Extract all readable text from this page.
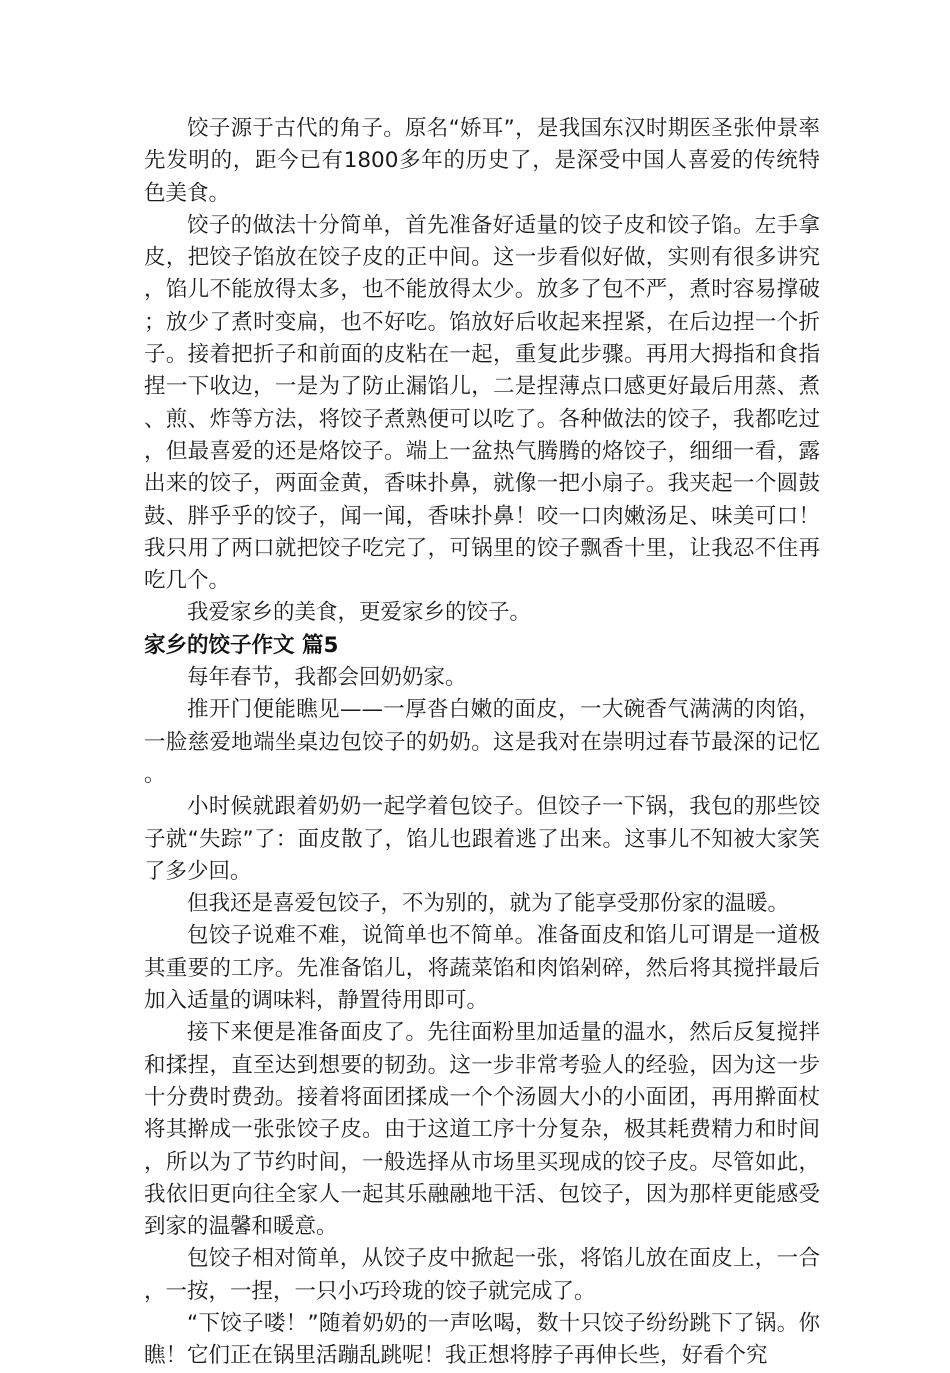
饺子源于古代的角子。原名“娇耳”，是我国东汉时期医圣张仲景率先发明的，距今已有1800多年的历史了，是深受中国人喜爱的传统特色美食。

饺子的做法十分简单，首先准备好适量的饺子皮和饺子馅。左手拿皮，把饺子馅放在饺子皮的正中间。这一步看似好做，实则有很多讲究，馅儿不能放得太多，也不能放得太少。放多了包不严，煮时容易撑破；放少了煮时变扁，也不好吃。馅放好后收起来捏紧，在后边捏一个折子。接着把折子和前面的皮粘在一起，重复此步骤。再用大拇指和食指捏一下收边，一是为了防止漏馅儿，二是捏薄点口感更好最后用蒸、煮、煎、炸等方法，将饺子煮熟便可以吃了。各种做法的饺子，我都吃过，但最喜爱的还是烙饺子。端上一盆热气腾腾的烙饺子，细细一看，露出来的饺子，两面金黄，香味扑鼻，就像一把小扇子。我夹起一个圆鼓鼓、胖乎乎的饺子，闻一闻，香味扑鼻！咬一口肉嫩汤足、味美可口！我只用了两口就把饺子吃完了，可锅里的饺子飘香十里，让我忍不住再吃几个。

我爱家乡的美食，更爱家乡的饺子。

家乡的饺子作文 篇5

每年春节，我都会回奶奶家。

推开门便能瞧见——一厚沓白嫩的面皮，一大碗香气满满的肉馅，一脸慈爱地端坐桌边包饺子的奶奶。这是我对在崇明过春节最深的记忆。

小时候就跟着奶奶一起学着包饺子。但饺子一下锅，我包的那些饺子就“失踪”了：面皮散了，馅儿也跟着逃了出来。这事儿不知被大家笑了多少回。

但我还是喜爱包饺子，不为别的，就为了能享受那份家的温暖。

包饺子说难不难，说简单也不简单。准备面皮和馅儿可谓是一道极其重要的工序。先准备馅儿，将蔬菜馅和肉馅剁碎，然后将其搅拌最后加入适量的调味料，静置待用即可。

接下来便是准备面皮了。先往面粉里加适量的温水，然后反复搅拌和揉捏，直至达到想要的韧劲。这一步非常考验人的经验，因为这一步十分费时费劲。接着将面团揉成一个个汤圆大小的小面团，再用擀面杖将其擀成一张张饺子皮。由于这道工序十分复杂，极其耗费精力和时间，所以为了节约时间，一般选择从市场里买现成的饺子皮。尽管如此，我依旧更向往全家人一起其乐融融地干活、包饺子，因为那样更能感受到家的温馨和暖意。

包饺子相对简单，从饺子皮中掀起一张，将馅儿放在面皮上，一合，一按，一捏，一只小巧玲珑的饺子就完成了。

“下饺子喽！”随着奶奶的一声吆喝，数十只饺子纷纷跳下了锅。你瞧！它们正在锅里活蹦乱跳呢！我正想将脖子再伸长些，好看个究
